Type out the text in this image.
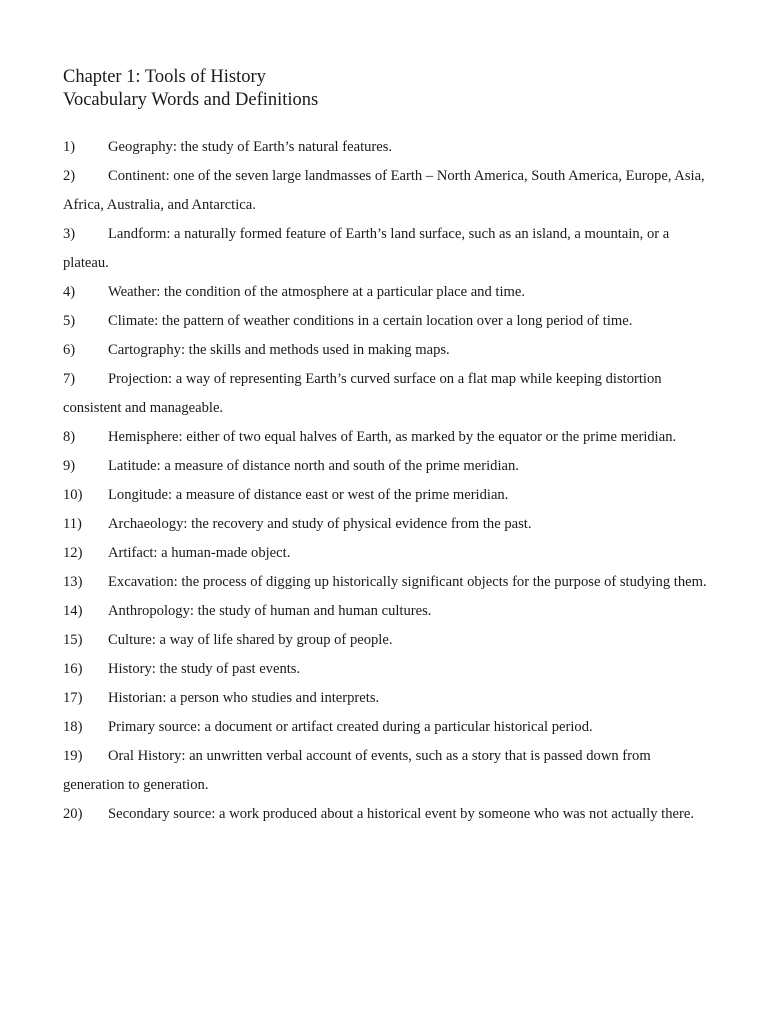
Chapter 1: Tools of History
Vocabulary Words and Definitions

1) Geography: the study of Earth’s natural features.

2) Continent: one of the seven large landmasses of Earth – North America, South America, Europe, Asia, Africa, Australia, and Antarctica.

3) Landform: a naturally formed feature of Earth’s land surface, such as an island, a mountain, or a plateau.

4) Weather: the condition of the atmosphere at a particular place and time.

5) Climate: the pattern of weather conditions in a certain location over a long period of time.

6) Cartography: the skills and methods used in making maps.

7) Projection: a way of representing Earth’s curved surface on a flat map while keeping distortion consistent and manageable.

8) Hemisphere: either of two equal halves of Earth, as marked by the equator or the prime meridian.

9) Latitude: a measure of distance north and south of the prime meridian.

10) Longitude: a measure of distance east or west of the prime meridian.

11) Archaeology: the recovery and study of physical evidence from the past.

12) Artifact: a human-made object.

13) Excavation: the process of digging up historically significant objects for the purpose of studying them.

14) Anthropology: the study of human and human cultures.

15) Culture: a way of life shared by group of people.

16) History: the study of past events.

17) Historian: a person who studies and interprets.

18) Primary source: a document or artifact created during a particular historical period.

19) Oral History: an unwritten verbal account of events, such as a story that is passed down from generation to generation.

20) Secondary source: a work produced about a historical event by someone who was not actually there.
